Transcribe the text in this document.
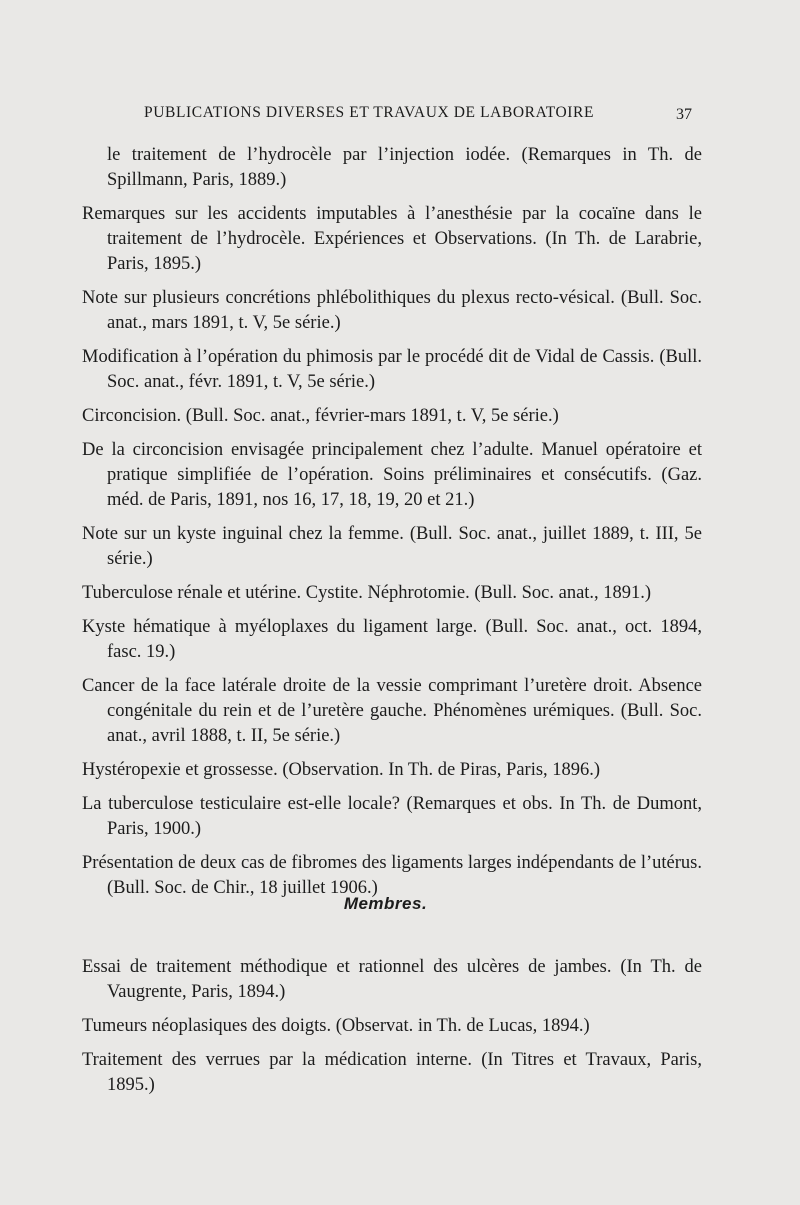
PUBLICATIONS DIVERSES ET TRAVAUX DE LABORATOIRE	37

le traitement de l’hydrocèle par l’injection iodée. (Remarques in Th. de Spillmann, Paris, 1889.)

Remarques sur les accidents imputables à l’anesthésie par la cocaïne dans le traitement de l’hydrocèle. Expériences et Observations. (In Th. de Larabrie, Paris, 1895.)

Note sur plusieurs concrétions phlébolithiques du plexus recto-vésical. (Bull. Soc. anat., mars 1891, t. V, 5e série.)

Modification à l’opération du phimosis par le procédé dit de Vidal de Cassis. (Bull. Soc. anat., févr. 1891, t. V, 5e série.)

Circoncision. (Bull. Soc. anat., février-mars 1891, t. V, 5e série.)

De la circoncision envisagée principalement chez l’adulte. Manuel opératoire et pratique simplifiée de l’opération. Soins préliminaires et consécutifs. (Gaz. méd. de Paris, 1891, nos 16, 17, 18, 19, 20 et 21.)

Note sur un kyste inguinal chez la femme. (Bull. Soc. anat., juillet 1889, t. III, 5e série.)

Tuberculose rénale et utérine. Cystite. Néphrotomie. (Bull. Soc. anat., 1891.)

Kyste hématique à myéloplaxes du ligament large. (Bull. Soc. anat., oct. 1894, fasc. 19.)

Cancer de la face latérale droite de la vessie comprimant l’uretère droit. Absence congénitale du rein et de l’uretère gauche. Phénomènes urémiques. (Bull. Soc. anat., avril 1888, t. II, 5e série.)

Hystéropexie et grossesse. (Observation. In Th. de Piras, Paris, 1896.)

La tuberculose testiculaire est-elle locale? (Remarques et obs. In Th. de Dumont, Paris, 1900.)

Présentation de deux cas de fibromes des ligaments larges indépendants de l’utérus. (Bull. Soc. de Chir., 18 juillet 1906.)

Membres.

Essai de traitement méthodique et rationnel des ulcères de jambes. (In Th. de Vaugrente, Paris, 1894.)

Tumeurs néoplasiques des doigts. (Observat. in Th. de Lucas, 1894.)

Traitement des verrues par la médication interne. (In Titres et Travaux, Paris, 1895.)
